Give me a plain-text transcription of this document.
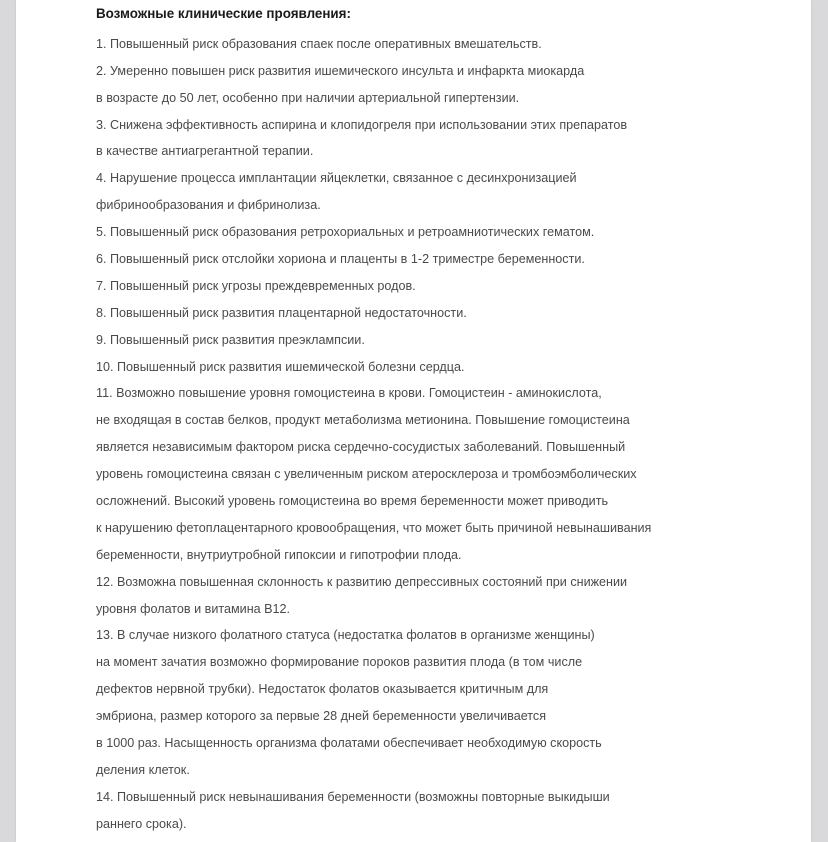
Возможные клинические проявления:
1. Повышенный риск образования спаек после оперативных вмешательств.
2. Умеренно повышен риск развития ишемического инсульта и инфаркта миокарда
в возрасте до 50 лет, особенно при наличии артериальной гипертензии.
3. Снижена эффективность аспирина и клопидогреля при использовании этих препаратов
в качестве антиагрегантной терапии.
4. Нарушение процесса имплантации яйцеклетки, связанное с десинхронизацией
фибринообразования и фибринолиза.
5. Повышенный риск образования ретрохориальных и ретроамниотических гематом.
6. Повышенный риск отслойки хориона и плаценты в 1-2 триместре беременности.
7. Повышенный риск угрозы преждевременных родов.
8. Повышенный риск развития плацентарной недостаточности.
9. Повышенный риск развития преэклампсии.
10. Повышенный риск развития ишемической болезни сердца.
11. Возможно повышение уровня гомоцистеина в крови. Гомоцистеин - аминокислота,
не входящая в состав белков, продукт метаболизма метионина. Повышение гомоцистеина
является независимым фактором риска сердечно-сосудистых заболеваний. Повышенный
уровень гомоцистеина связан с увеличенным риском атеросклероза и тромбоэмболических
осложнений. Высокий уровень гомоцистеина во время беременности может приводить
к нарушению фетоплацентарного кровообращения, что может быть причиной невынашивания
беременности, внутриутробной гипоксии и гипотрофии плода.
12. Возможна повышенная склонность к развитию депрессивных состояний при снижении
уровня фолатов и витамина B12.
13. В случае низкого фолатного статуса (недостатка фолатов в организме женщины)
на момент зачатия возможно формирование пороков развития плода (в том числе
дефектов нервной трубки). Недостаток фолатов оказывается критичным для
эмбриона, размер которого за первые 28 дней беременности увеличивается
в 1000 раз. Насыщенность организма фолатами обеспечивает необходимую скорость
деления клеток.
14. Повышенный риск невынашивания беременности (возможны повторные выкидыши
раннего срока).
